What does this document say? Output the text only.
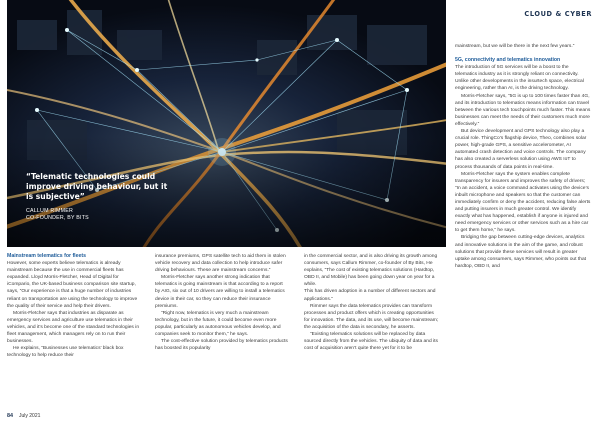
“Telematic technologies could improve driving behaviour, but it is subjective”
CALLUM RIMMER
CO-FOUNDER, BY BITS
CLOUD & CYBER
Mainstream telematics for fleets

However, some experts believe telematics is already mainstream because the use in commercial fleets has expanded. Lloyd Morris-Fletcher, Head of Digital for iCompario, the UK-based business comparison site startup, says, “Our experience is that a huge number of industries reliant on transportation are using the technology to improve the quality of their service and help their drivers.

Morris-Fletcher says that industries as disparate as emergency services and agriculture use telematics in their vehicles, and it’s become one of the standard technologies in fleet management, which managers rely on to run their businesses.

He explains, “Businesses use telematics’ black box technology to help reduce their

insurance premiums, GPS satellite tech to aid them in stolen vehicle recovery and data collection to help introduce safer driving behaviours. These are mainstream concerns.”

Morris-Fletcher says another strong indication that telematics is going mainstream is that according to a report by AIG, six out of 10 drivers are willing to install a telematics device in their car, so they can reduce their insurance premiums.

“Right now, telematics is very much a mainstream technology, but in the future, it could become even more popular, particularly as autonomous vehicles develop, and companies seek to monitor them,” he says.

The cost-effective solution provided by telematics products has boosted its popularity

in the commercial sector, and is also driving its growth among consumers, says Callum Rimmer, co-founder of By Bits, He explains, “The cost of existing telematics solutions (Hardtop, OBD II, and Mobile) has been going down year on year for a while.

This has driven adoption in a number of different sectors and applications.”

Rimmer says the data telematics provides can transform processes and product offers which is creating opportunities for innovation. The data, and its use, will become mainstream; the acquisition of the data is secondary, he asserts.

“Existing telematics solutions will be replaced by data sourced directly from the vehicles. The ubiquity of data and its cost of acquisition aren’t quite there yet for it to be

mainstream, but we will be there in the next few years.”

5G, connectivity and telematics innovation

The introduction of 5G services will be a boost to the telematics industry as it is strongly reliant on connectivity. Unlike other developments in the insurtech space, electrical engineering, rather than AI, is the driving technology.

Morris-Fletcher says, “5G is up to 100 times faster than 4G, and its introduction to telematics means information can travel between the various tech touchpoints much faster. This means businesses can meet the needs of their customers much more effectively.”

But device development and GPS technology also play a crucial role. ThingCo’s flagship device, Theo, combines solar power, high-grade GPS, a sensitive accelerometer, AI automated crash detection and voice controls. The company has also created a serverless solution using AWS IoT to process thousands of data points in real-time.

Morris-Fletcher says the system enables complete transparency for insurers and improves the safety of drivers; “In an accident, a voice command activates using the device’s inbuilt microphone and speakers so that the customer can immediately confirm or deny the accident, reducing false alerts and putting insurers in much greater control. We identify exactly what has happened, establish if anyone is injured and need emergency services or other services such as a hire car to get them home,” he says.

Bridging the gap between cutting-edge devices, analytics and innovative solutions in the aim of the game, and robust solutions that provide these services will result in greater uptake among consumers, says Rimmer, who points out that hardtop, OBD II, and

84 July 2021
